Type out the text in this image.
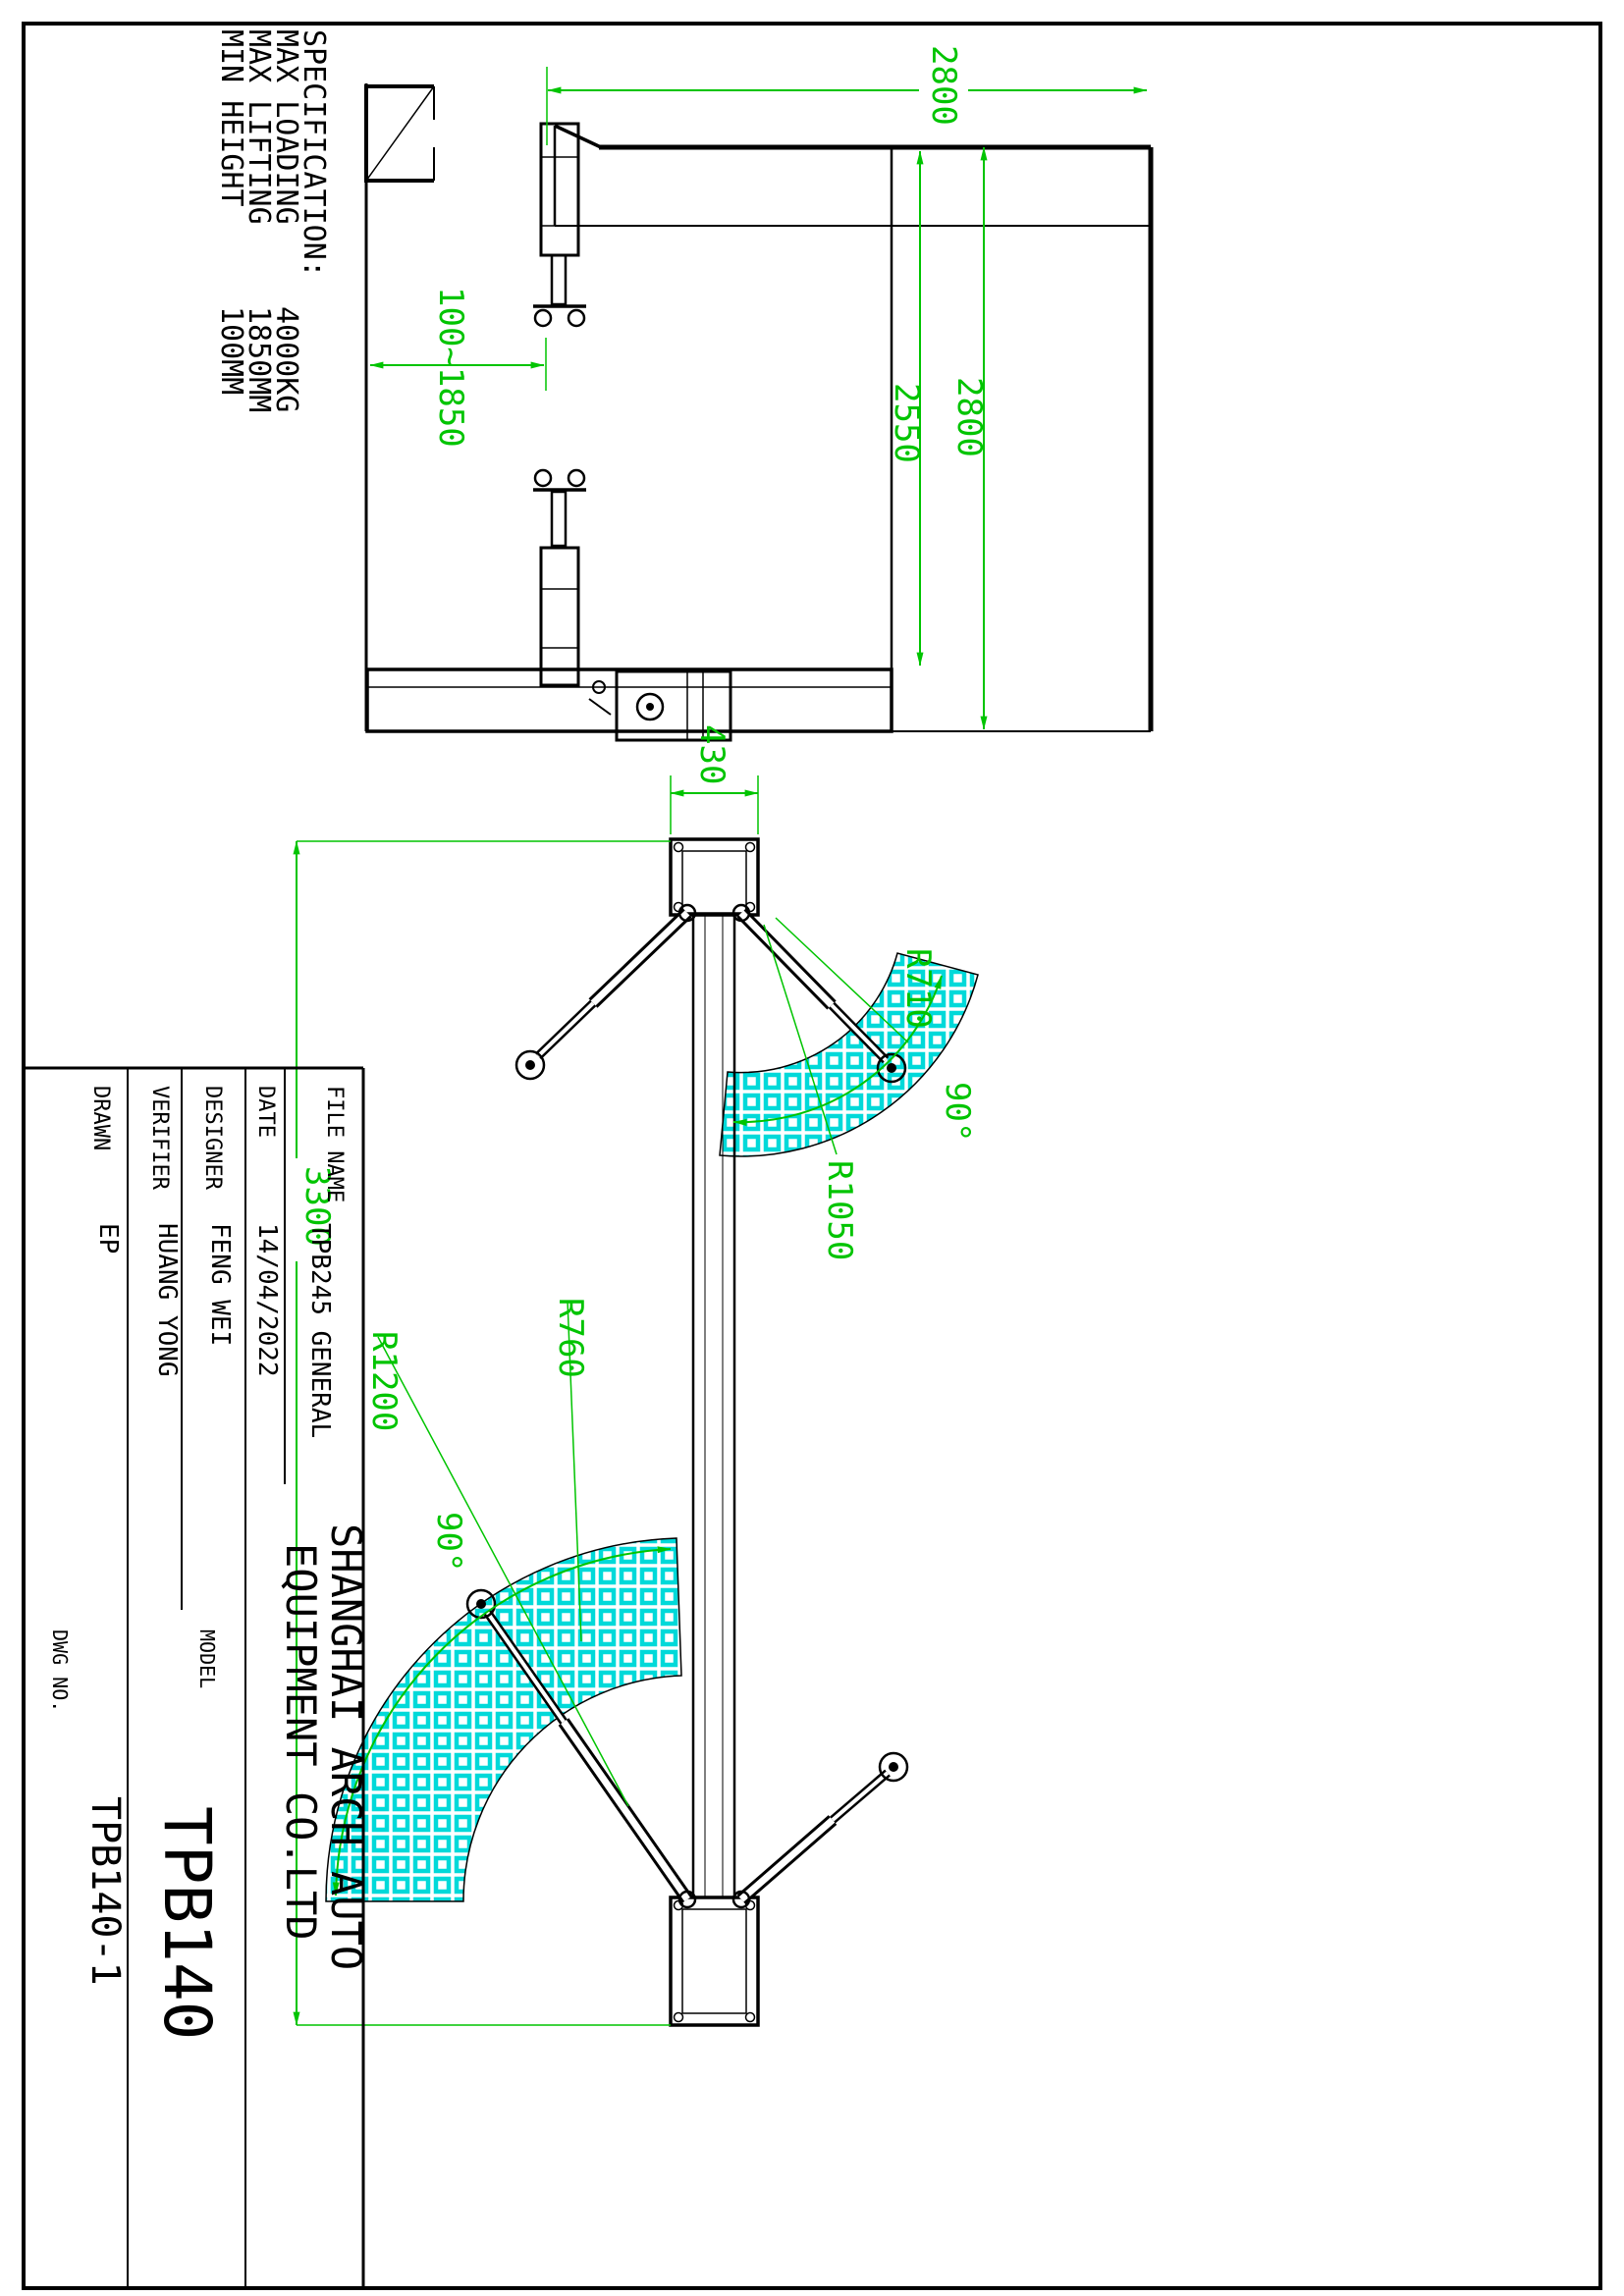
SPECIFICATION:
MAX LOADING
MAX LIFTING
MIN HEIGHT
4000KG
1850MM
100MM
2800
2550 2800
100~1850
430
3300
90°
R710
R1050
90°
R760
R1200
FILE NAME
TPB245 GENERAL
DATE
14/04/2022
DESIGNER
FENG WEI
VERIFIER
HUANG YONG
DRAWN
EP
SHANGHAI ARCH AUTO
EQUIPMENT CO.LTD
MODEL
TPB140
DWG NO.
TPB140-1
